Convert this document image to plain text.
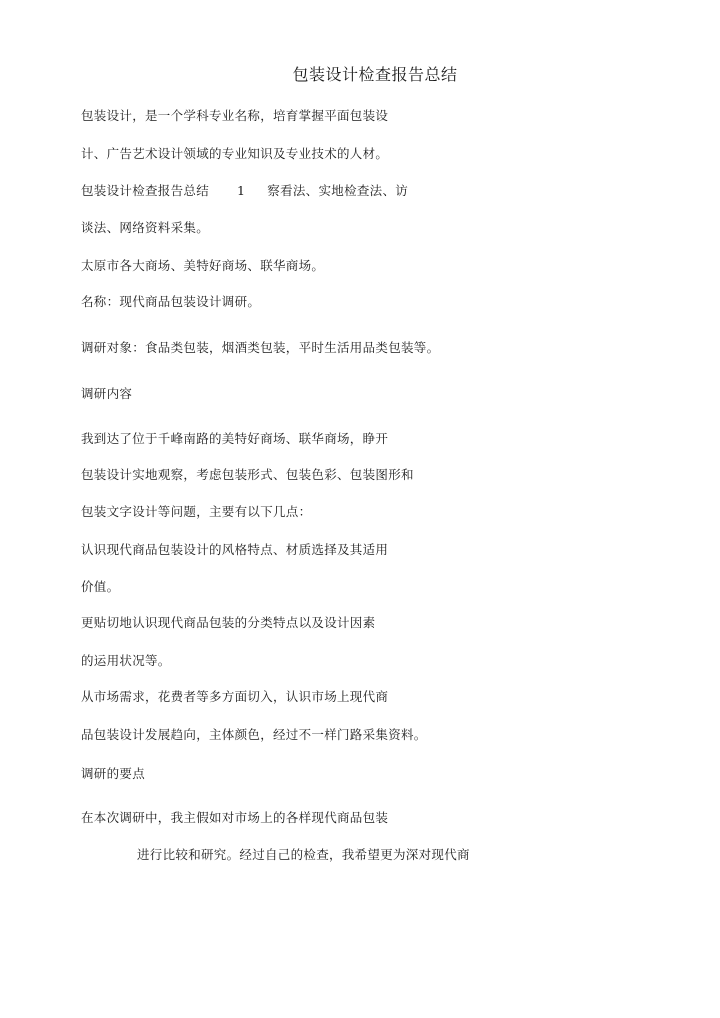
包装设计检查报告总结
包装设计，是一个学科专业名称，培育掌握平面包装设
计、广告艺术设计领域的专业知识及专业技术的人材。
包装设计检查报告总结 1 察看法、实地检查法、访
谈法、网络资料采集。
太原市各大商场、美特好商场、联华商场。
名称：现代商品包装设计调研。
调研对象：食品类包装，烟酒类包装，平时生活用品类包装等。
调研内容
我到达了位于千峰南路的美特好商场、联华商场，睁开
包装设计实地观察，考虑包装形式、包装色彩、包装图形和
包装文字设计等问题，主要有以下几点：
认识现代商品包装设计的风格特点、材质选择及其适用
价值。
更贴切地认识现代商品包装的分类特点以及设计因素
的运用状况等。
从市场需求，花费者等多方面切入，认识市场上现代商
品包装设计发展趋向，主体颜色，经过不一样门路采集资料。
调研的要点
在本次调研中，我主假如对市场上的各样现代商品包装
进行比较和研究。经过自己的检查，我希望更为深对现代商
